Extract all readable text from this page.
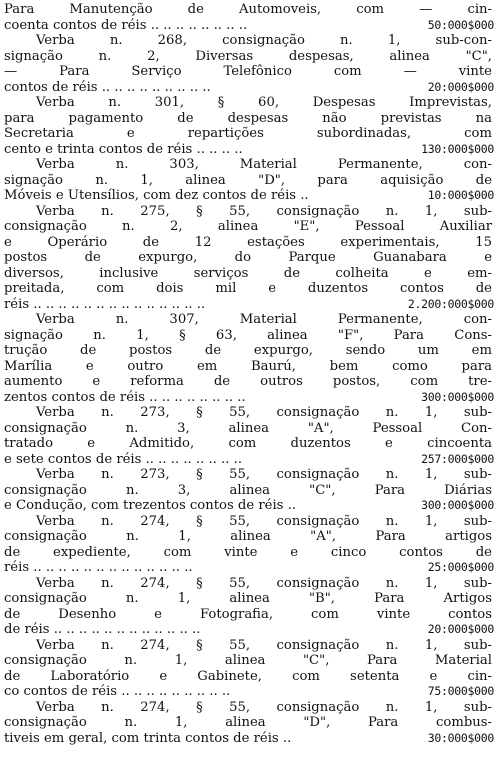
Para Manutenção de Automoveis, com — cin-
coenta contos de réis .. .. .. .. .. .. .. ..	50:000$000
Verba n. 268, consignação n. 1, sub-con-
signação n. 2, Diversas despesas, alinea "C",
— Para Serviço Telefônico com — vinte
contos de réis .. .. .. .. .. .. .. .. ..	20:000$000
Verba n. 301, § 60, Despesas Imprevistas,
para pagamento de despesas não previstas na
Secretaria e repartições subordinadas, com
cento e trinta contos de réis .. .. .. ..	130:000$000
Verba n. 303, Material Permanente, con-
signação n. 1, alinea "D", para aquisição de
Móveis e Utensílios, com dez contos de réis ..	10:000$000
Verba n. 275, § 55, consignação n. 1, sub-
consignação n. 2, alinea "E", Pessoal Auxiliar
e Operário de 12 estações experimentais, 15
postos de expurgo, do Parque Guanabara e
diversos, inclusive serviços de colheita e em-
preitada, com dois mil e duzentos contos de
réis .. .. .. .. .. .. .. .. .. .. .. .. .. ..	2.200:000$000
Verba n. 307, Material Permanente, con-
signação n. 1, § 63, alinea "F", Para Cons-
trução de postos de expurgo, sendo um em
Marília e outro em Baurú, bem como para
aumento e reforma de outros postos, com tre-
zentos contos de réis .. .. .. .. .. .. .. ..	300:000$000
Verba n. 273, § 55, consignação n. 1, sub-
consignação n. 3, alinea "A", Pessoal Con-
tratado e Admitido, com duzentos e cincoenta
e sete contos de réis .. .. .. .. .. .. .. ..	257:000$000
Verba n. 273, § 55, consignação n. 1, sub-
consignação n. 3, alinea "C", Para Diárias
e Condução, com trezentos contos de réis ..	300:000$000
Verba n. 274, § 55, consignação n. 1, sub-
consignação n. 1, alinea "A", Para artigos
de expediente, com vinte e cinco contos de
réis .. .. .. .. .. .. .. .. .. .. .. .. ..	25:000$000
Verba n. 274, § 55, consignação n. 1, sub-
consignação n. 1, alinea "B", Para Artigos
de Desenho e Fotografia, com vinte contos
de réis .. .. .. .. .. .. .. .. .. .. .. ..	20:000$000
Verba n. 274, § 55, consignação n. 1, sub-
consignação n. 1, alinea "C", Para Material
de Laboratório e Gabinete, com setenta e cin-
co contos de réis .. .. .. .. .. .. .. .. ..	75:000$000
Verba n. 274, § 55, consignação n. 1, sub-
consignação n. 1, alinea "D", Para combus-
tiveis em geral, com trinta contos de réis ..	30:000$000
